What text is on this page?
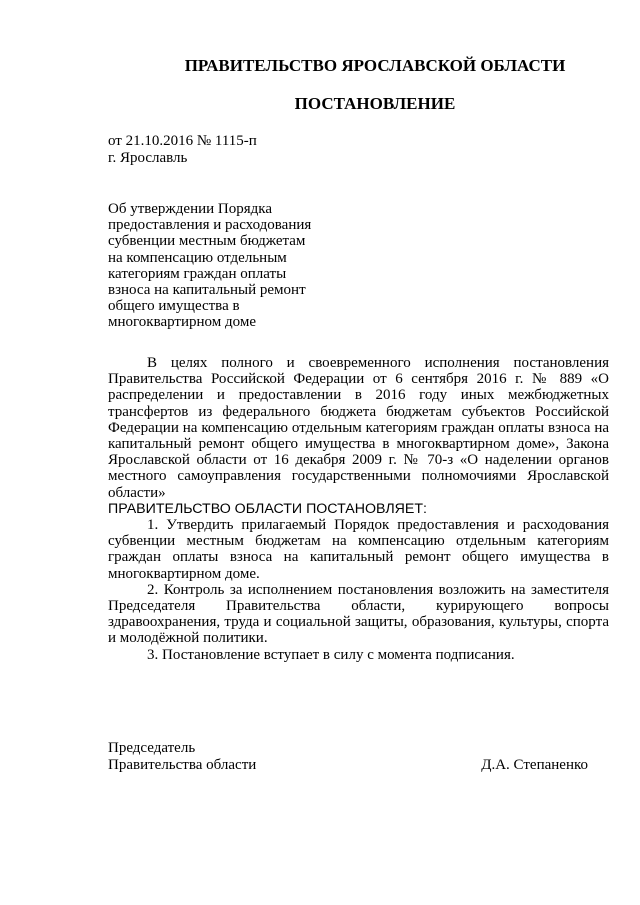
ПРАВИТЕЛЬСТВО ЯРОСЛАВСКОЙ ОБЛАСТИ
ПОСТАНОВЛЕНИЕ
от 21.10.2016 № 1115-п
г. Ярославль
Об утверждении Порядка
предоставления и расходования
субвенции местным бюджетам
на компенсацию отдельным
категориям граждан оплаты
взноса на капитальный ремонт
общего имущества в
многоквартирном доме

В целях полного и своевременного исполнения постановления Правительства Российской Федерации от 6 сентября 2016 г. № 889 «О распределении и предоставлении в 2016 году иных межбюджетных трансфертов из федерального бюджета бюджетам субъектов Российской Федерации на компенсацию отдельным категориям граждан оплаты взноса на капитальный ремонт общего имущества в многоквартирном доме», Закона Ярославской области от 16 декабря 2009 г. № 70-з «О наделении органов местного самоуправления государственными полномочиями Ярославской области»

ПРАВИТЕЛЬСТВО ОБЛАСТИ ПОСТАНОВЛЯЕТ:

1. Утвердить прилагаемый Порядок предоставления и расходования субвенции местным бюджетам на компенсацию отдельным категориям граждан оплаты взноса на капитальный ремонт общего имущества в многоквартирном доме.

2. Контроль за исполнением постановления возложить на заместителя Председателя Правительства области, курирующего вопросы здравоохранения, труда и социальной защиты, образования, культуры, спорта и молодёжной политики.

3. Постановление вступает в силу с момента подписания.

Председатель
Правительства области	Д.А. Степаненко
